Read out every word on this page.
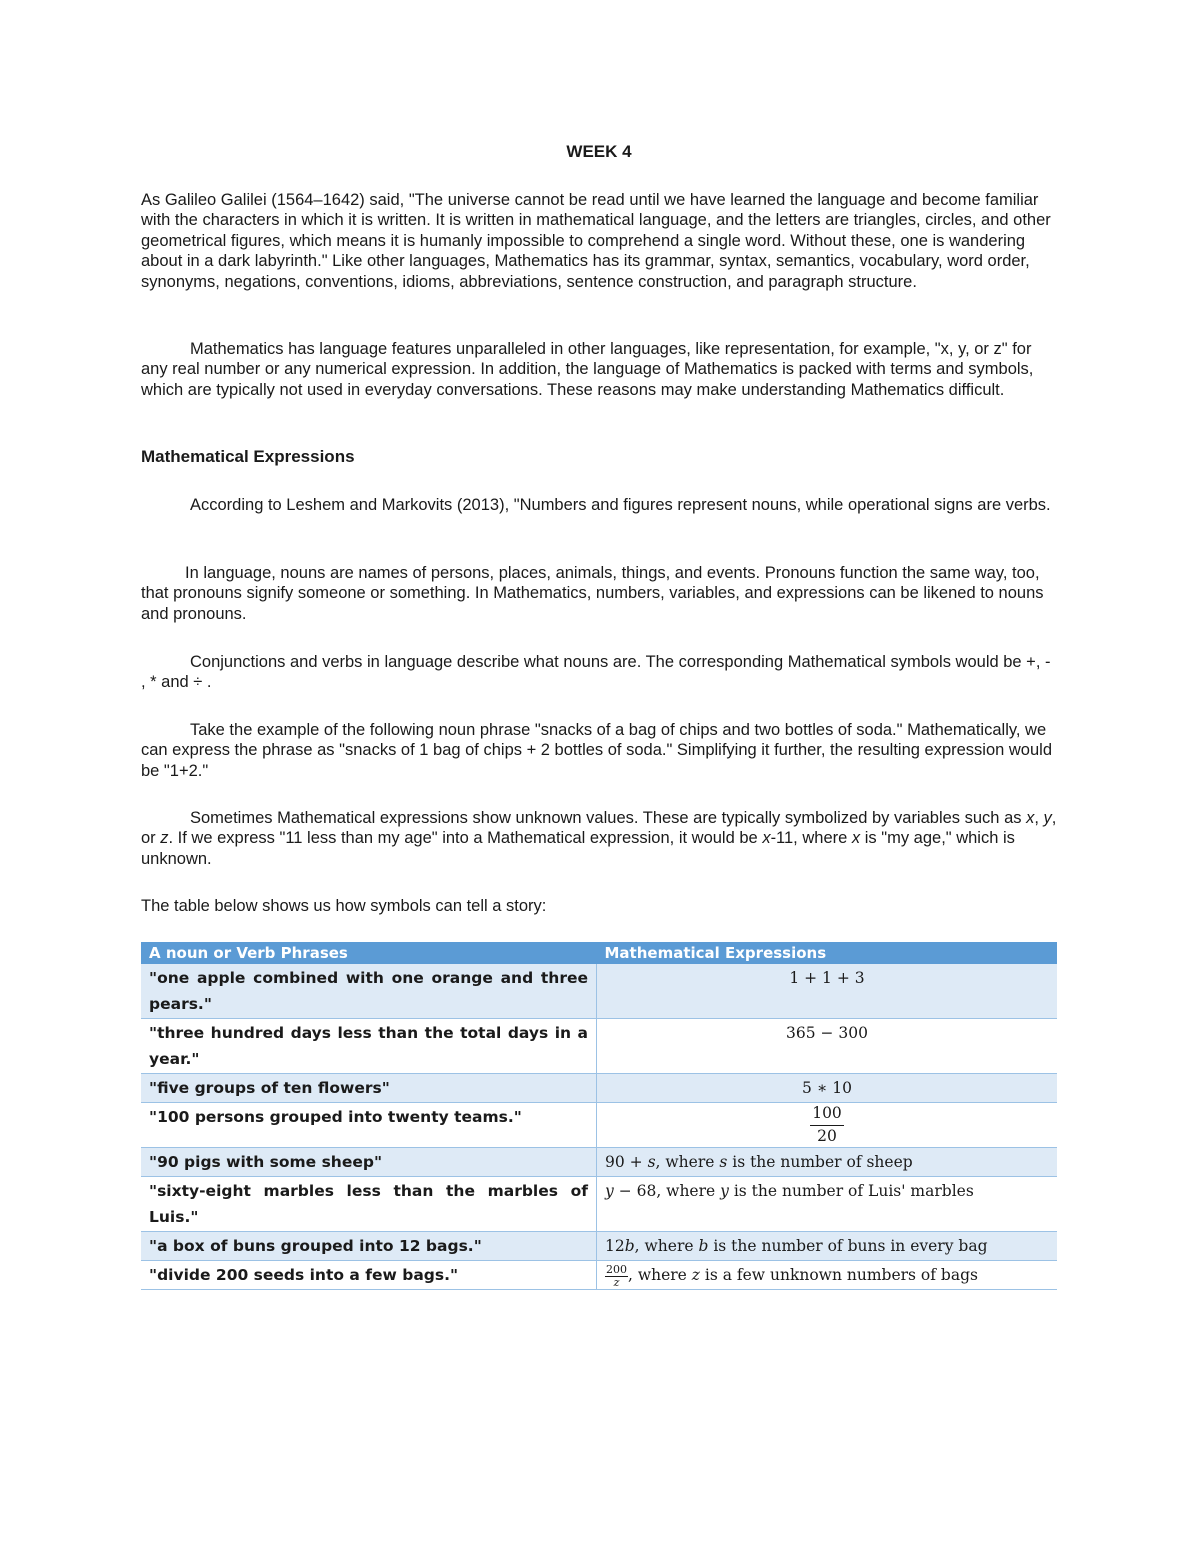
WEEK 4

As Galileo Galilei (1564–1642) said, "The universe cannot be read until we have learned the language and become familiar with the characters in which it is written. It is written in mathematical language, and the letters are triangles, circles, and other geometrical figures, which means it is humanly impossible to comprehend a single word. Without these, one is wandering about in a dark labyrinth." Like other languages, Mathematics has its grammar, syntax, semantics, vocabulary, word order, synonyms, negations, conventions, idioms, abbreviations, sentence construction, and paragraph structure.

Mathematics has language features unparalleled in other languages, like representation, for example, "x, y, or z" for any real number or any numerical expression. In addition, the language of Mathematics is packed with terms and symbols, which are typically not used in everyday conversations. These reasons may make understanding Mathematics difficult.

Mathematical Expressions

According to Leshem and Markovits (2013), "Numbers and figures represent nouns, while operational signs are verbs.

In language, nouns are names of persons, places, animals, things, and events. Pronouns function the same way, too, that pronouns signify someone or something. In Mathematics, numbers, variables, and expressions can be likened to nouns and pronouns.

Conjunctions and verbs in language describe what nouns are. The corresponding Mathematical symbols would be +, - , * and ÷ .

Take the example of the following noun phrase "snacks of a bag of chips and two bottles of soda." Mathematically, we can express the phrase as "snacks of 1 bag of chips + 2 bottles of soda." Simplifying it further, the resulting expression would be "1+2."

Sometimes Mathematical expressions show unknown values. These are typically symbolized by variables such as x, y, or z. If we express "11 less than my age" into a Mathematical expression, it would be x-11, where x is "my age," which is unknown.

The table below shows us how symbols can tell a story:

A noun or Verb Phrases	Mathematical Expressions
"one apple combined with one orange and three pears."	1 + 1 + 3

"three hundred days less than the total days in a year."	365 − 300

"five groups of ten flowers"	5 ∗ 10

"100 persons grouped into twenty teams."	$\frac{100}{20}$

"90 pigs with some sheep"	90 + s, where s is the number of sheep
"sixty-eight marbles less than the marbles of Luis."	y − 68, where y is the number of Luis' marbles
"a box of buns grouped into 12 bags."	12b, where b is the number of buns in every bag
"divide 200 seeds into a few bags."	$\frac{200}{z}$ , where z is a few unknown numbers of bags
